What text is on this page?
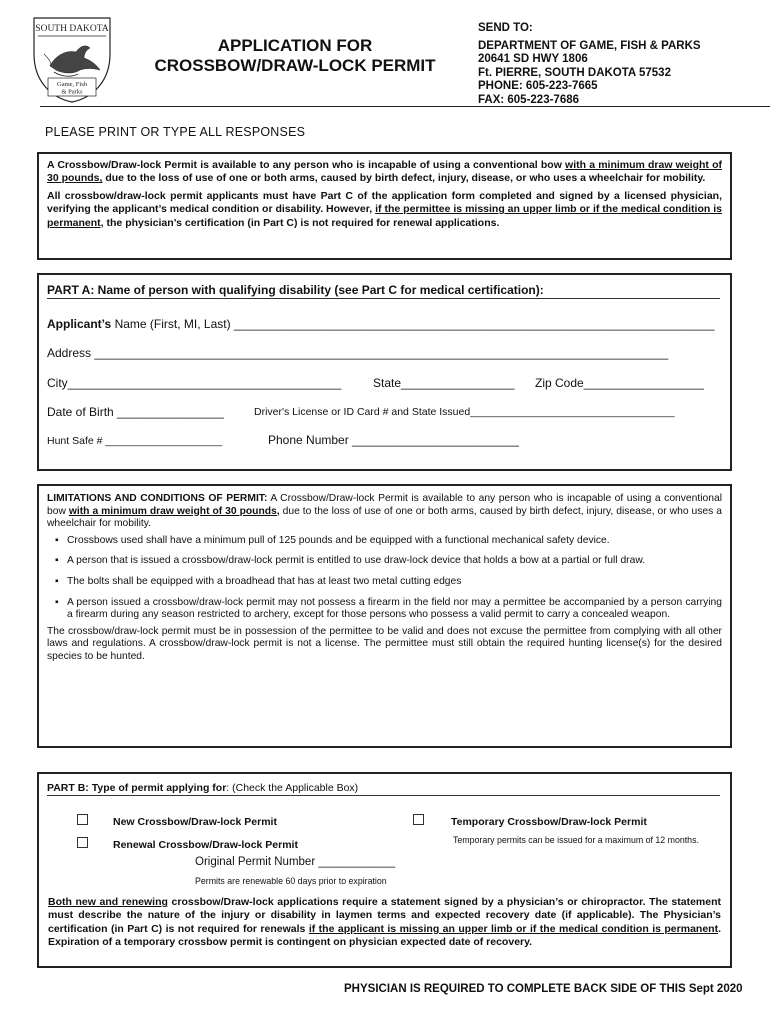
SOUTH DAKOTA
Game, Fish
& Parks
APPLICATION FOR
CROSSBOW/DRAW-LOCK PERMIT
SEND TO:
DEPARTMENT OF GAME, FISH & PARKS
20641 SD HWY 1806
Ft. PIERRE, SOUTH DAKOTA 57532
PHONE: 605-223-7665
FAX: 605-223-7686
PLEASE PRINT OR TYPE ALL RESPONSES

A Crossbow/Draw-lock Permit is available to any person who is incapable of using a conventional bow with a minimum draw weight of 30 pounds, due to the loss of use of one or both arms, caused by birth defect, injury, disease, or who uses a wheelchair for mobility.

All crossbow/draw-lock permit applicants must have Part C of the application form completed and signed by a licensed physician, verifying the applicant’s medical condition or disability. However, if the permittee is missing an upper limb or if the medical condition is permanent, the physician’s certification (in Part C) is not required for renewal applications.

PART A: Name of person with qualifying disability (see Part C for medical certification):
Applicant’s Name (First, MI, Last) ________________________________________________________________________
Address ______________________________________________________________________________________
City_________________________________________	State_________________ Zip Code__________________
Date of Birth ________________	Driver's License or ID Card # and State Issued___________________________________
Hunt Safe # ____________________	Phone Number _________________________
LIMITATIONS AND CONDITIONS OF PERMIT: A Crossbow/Draw-lock Permit is available to any person who is incapable of using a conventional bow with a minimum draw weight of 30 pounds, due to the loss of use of one or both arms, caused by birth defect, injury, disease, or who uses a wheelchair for mobility.
▪ Crossbows used shall have a minimum pull of 125 pounds and be equipped with a functional mechanical safety device.
▪ A person that is issued a crossbow/draw-lock permit is entitled to use draw-lock device that holds a bow at a partial or full draw.
▪ The bolts shall be equipped with a broadhead that has at least two metal cutting edges
▪ A person issued a crossbow/draw-lock permit may not possess a firearm in the field nor may a permittee be accompanied by a person carrying a firearm during any season restricted to archery, except for those persons who possess a valid permit to carry a concealed weapon.
The crossbow/draw-lock permit must be in possession of the permittee to be valid and does not excuse the permittee from complying with all other laws and regulations. A crossbow/draw-lock permit is not a license. The permittee must still obtain the required hunting license(s) for the desired species to be hunted.
PART B: Type of permit applying for: (Check the Applicable Box)
New Crossbow/Draw-lock Permit	Temporary Crossbow/Draw-lock Permit
Renewal Crossbow/Draw-lock Permit	Temporary permits can be issued for a maximum of 12 months.
Original Permit Number ____________
Permits are renewable 60 days prior to expiration
Both new and renewing crossbow/Draw-lock applications require a statement signed by a physician’s or chiropractor. The statement must describe the nature of the injury or disability in laymen terms and expected recovery date (if applicable). The Physician’s certification (in Part C) is not required for renewals if the applicant is missing an upper limb or if the medical condition is permanent. Expiration of a temporary crossbow permit is contingent on physician expected date of recovery.
PHYSICIAN IS REQUIRED TO COMPLETE BACK SIDE OF THIS Sept 2020
